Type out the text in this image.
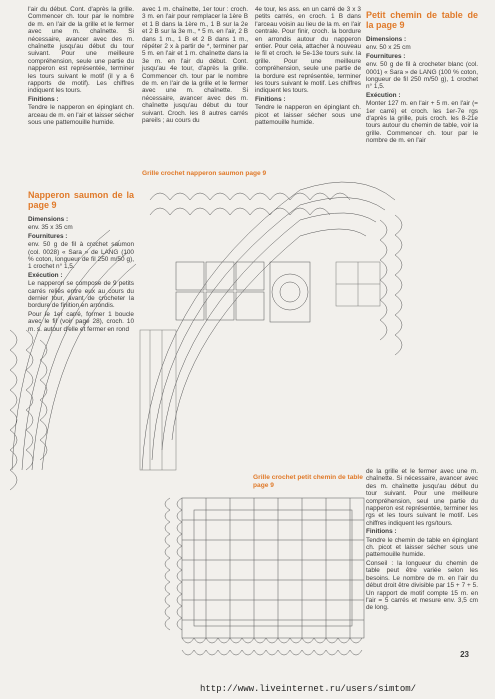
l'air du début. Cont. d'après la grille. Commencer ch. tour par le nombre de m. en l'air de la grille et le fermer avec une m. chaînette. Si nécessaire, avancer avec des m. chaînette jusqu'au début du tour suivant. Pour une meilleure compréhension, seule une partie du napperon est représentée, terminer les tours suivant le motif (il y a 6 rapports de motif). Les chiffres indiquent les tours.

Finitions :

Tendre le napperon en épinglant ch. arceau de m. en l'air et laisser sécher sous une pattemouille humide.

Napperon saumon de la page 9

Dimensions :

env. 35 x 35 cm

Fournitures :

env. 50 g de fil à crochet saumon (col. 0028) « Sara » de LANG (100 % coton, longueur de fil 250 m/50 g), 1 crochet n° 1,5.

Exécution :

Le napperon se compose de 9 petits carrés reliés entre eux au cours du dernier tour, avant de crocheter la bordure de finition en arrondis.

Pour le 1er carré, former 1 boucle avec le fil (voir page 28), croch. 10 m. s. autour d'elle et fermer en rond

avec 1 m. chaînette, 1er tour : croch. 3 m. en l'air pour remplacer la 1ère B et 1 B dans la 1ère m., 1 B sur la 2e et 2 B sur la 3e m., * 5 m. en l'air, 2 B dans 1 m., 1 B et 2 B dans 1 m., répéter 2 x à partir de *, terminer par 5 m. en l'air et 1 m. chaînette dans la 3e m. en l'air du début. Cont. jusqu'au 4e tour, d'après la grille. Commencer ch. tour par le nombre de m. en l'air de la grille et le fermer avec une m. chaînette. Si nécessaire, avancer avec des m. chaînette jusqu'au début du tour suivant. Croch. les 8 autres carrés pareils ; au cours du

4e tour, les ass. en un carré de 3 x 3 petits carrés, en croch. 1 B dans l'arceau voisin au lieu de la m. en l'air centrale. Pour finir, croch. la bordure en arrondis autour du napperon entier. Pour cela, attacher à nouveau le fil et croch. le 5e-13e tours suiv. la grille. Pour une meilleure compréhension, seule une partie de la bordure est représentée, terminer les tours suivant le motif. Les chiffres indiquent les tours.

Finitions :

Tendre le napperon en épinglant ch. picot et laisser sécher sous une pattemouille humide.

Petit chemin de table de la page 9

Dimensions :

env. 50 x 25 cm

Fournitures :

env. 50 g de fil à crocheter blanc (col. 0001) « Sara » de LANG (100 % coton, longueur de fil 250 m/50 g), 1 crochet n° 1,5.

Exécution :

Monter 127 m. en l'air + 5 m. en l'air (= 1er carré) et croch. les 1er-7e rgs d'après la grille, puis croch. les 8-21e tours autour du chemin de table, voir la grille. Commencer ch. tour par le nombre de m. en l'air

de la grille et le fermer avec une m. chaînette. Si nécessaire, avancer avec des m. chaînette jusqu'au début du tour suivant. Pour une meilleure compréhension, seul une partie du napperon est représentée, terminer les rgs et les tours suivant le motif. Les chiffres indiquent les rgs/tours.

Finitions :

Tendre le chemin de table en épinglant ch. picot et laisser sécher sous une pattemouille humide.

Conseil : la longueur du chemin de table peut être variée selon les besoins. Le nombre de m. en l'air du début droit être divisible par 15 + 7 + 5. Un rapport de motif compte 15 m. en l'air = 5 carrés et mesure env. 3,5 cm de long.

Grille crochet napperon saumon page 9
Grille crochet petit chemin de table page 9
23
http://www.liveinternet.ru/users/simtom/
